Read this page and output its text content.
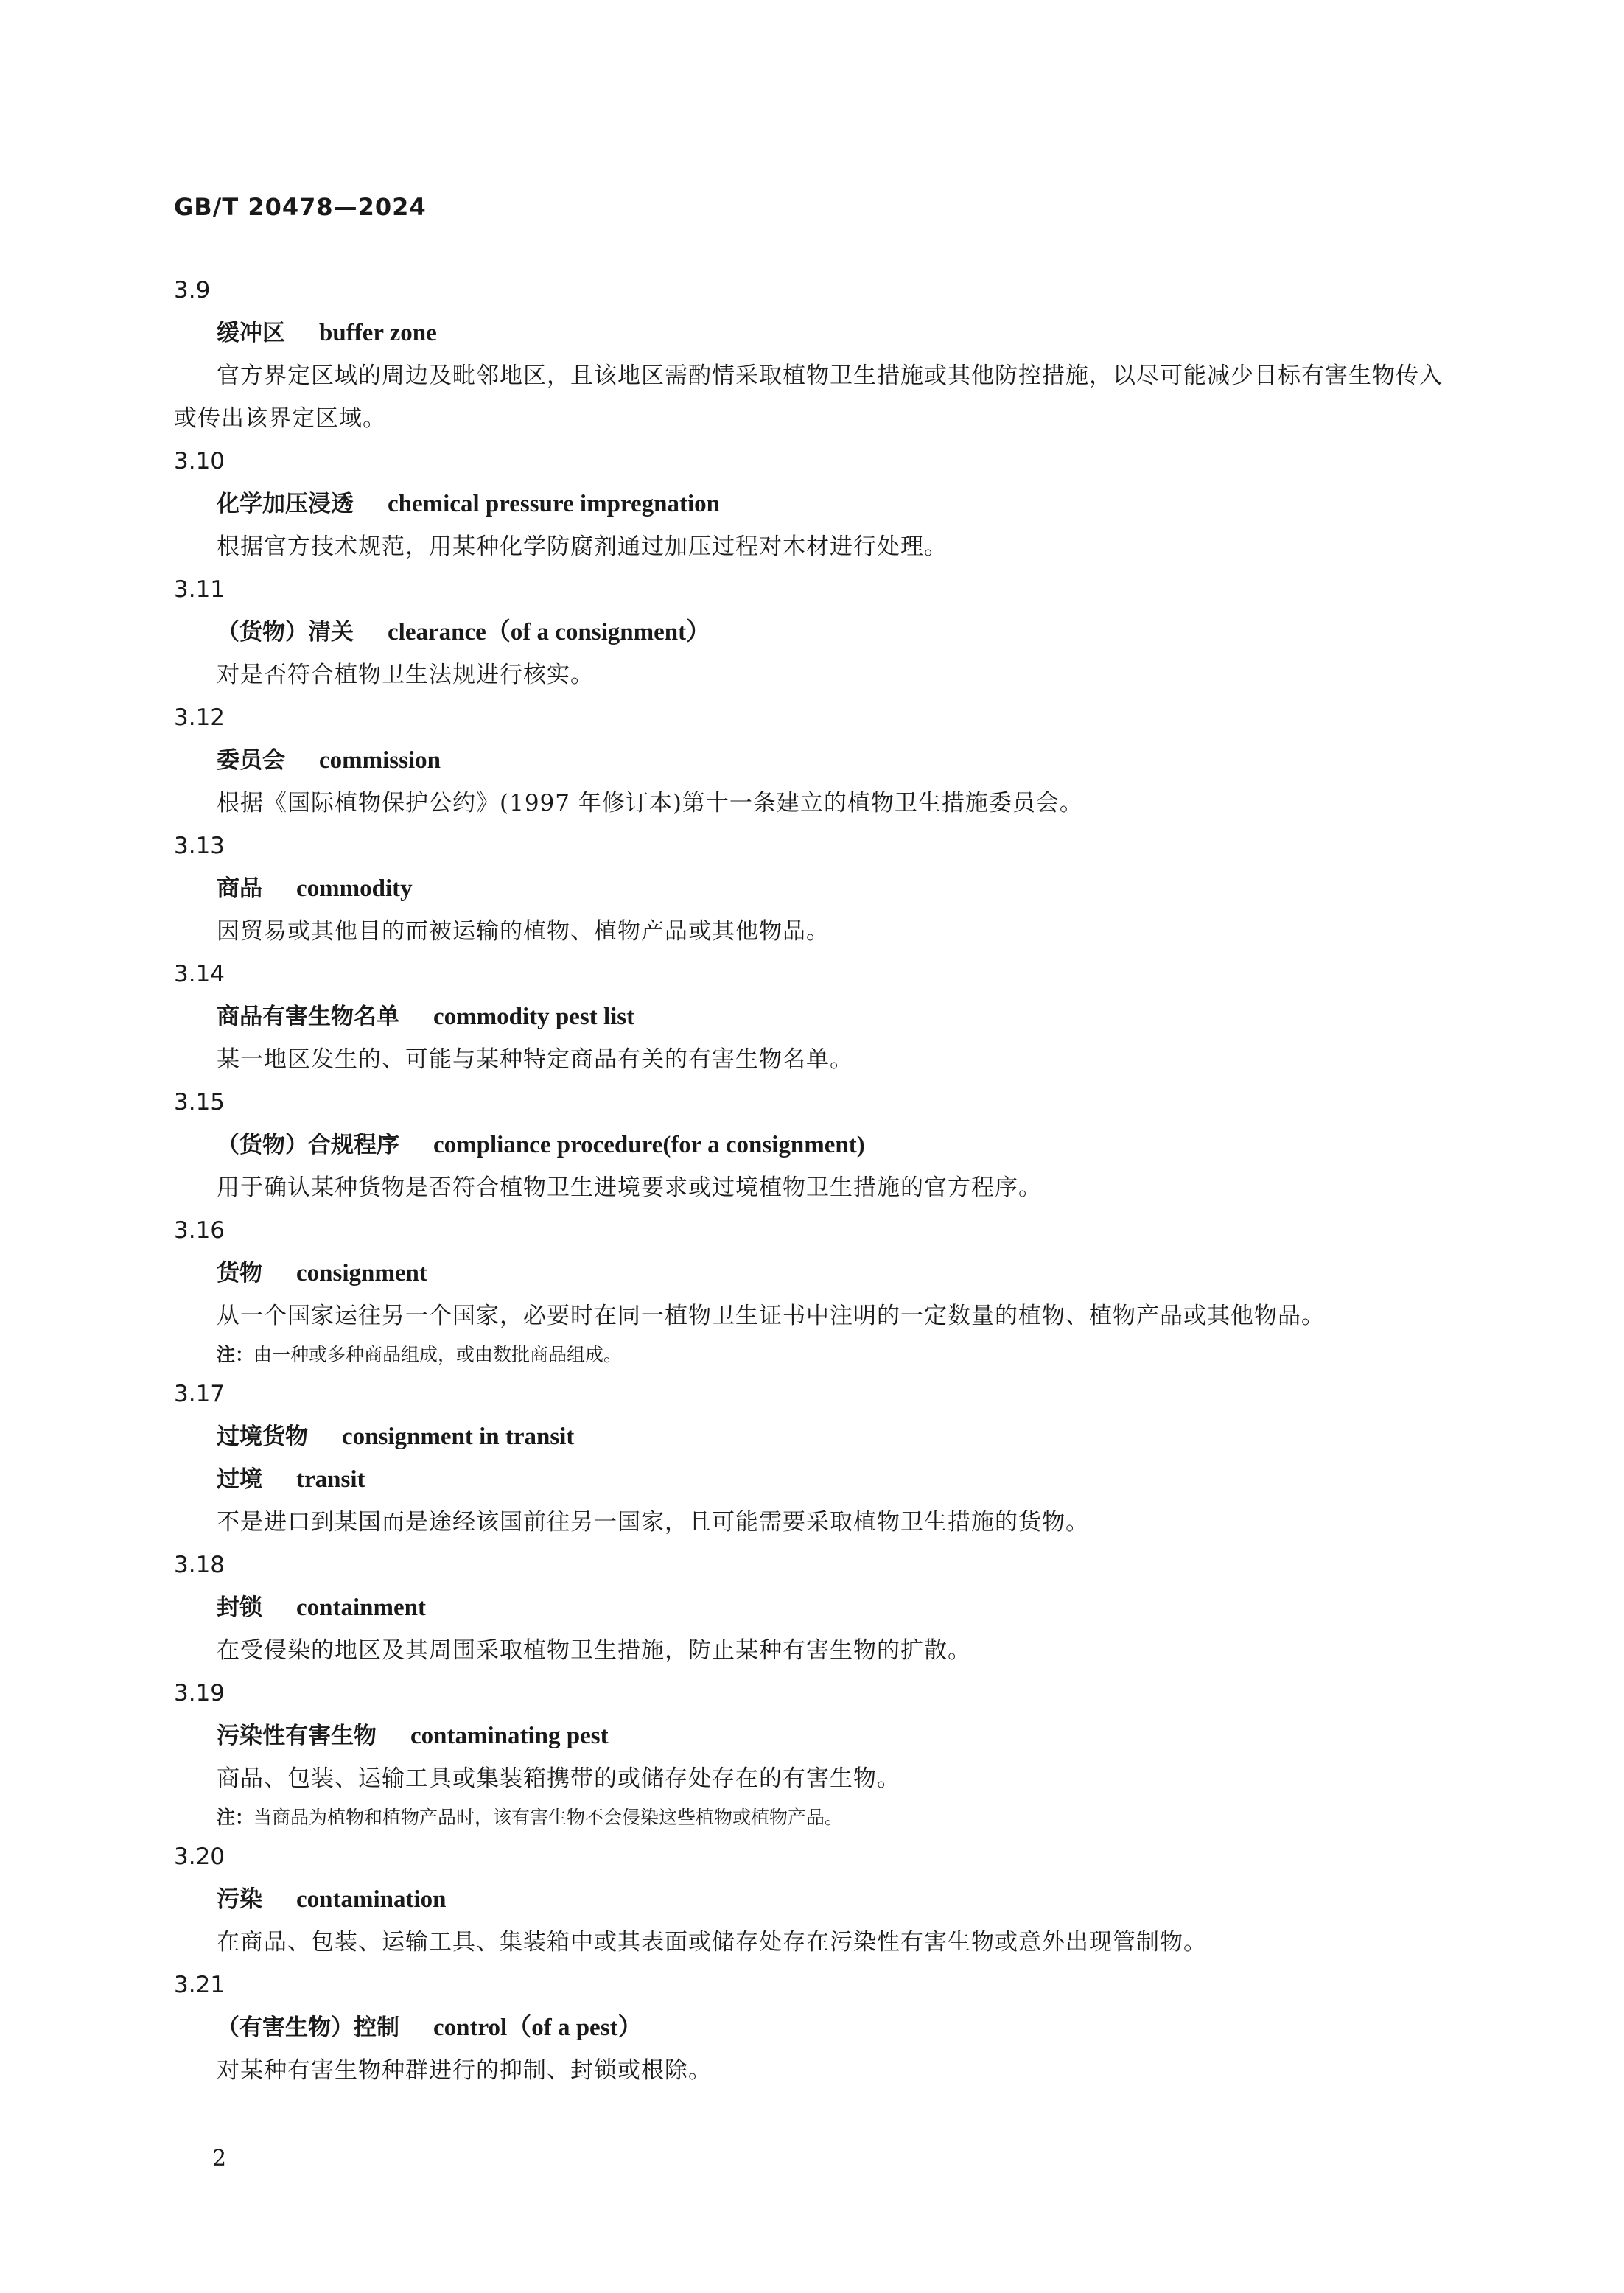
GB/T 20478—2024
3.9
缓冲区 buffer zone
官方界定区域的周边及毗邻地区，且该地区需酌情采取植物卫生措施或其他防控措施，以尽可能减少目标有害生物传入或传出该界定区域。
3.10
化学加压浸透 chemical pressure impregnation
根据官方技术规范，用某种化学防腐剂通过加压过程对木材进行处理。
3.11
（货物）清关 clearance（of a consignment）
对是否符合植物卫生法规进行核实。
3.12
委员会 commission
根据《国际植物保护公约》(1997 年修订本)第十一条建立的植物卫生措施委员会。
3.13
商品 commodity
因贸易或其他目的而被运输的植物、植物产品或其他物品。
3.14
商品有害生物名单 commodity pest list
某一地区发生的、可能与某种特定商品有关的有害生物名单。
3.15
（货物）合规程序 compliance procedure(for a consignment)
用于确认某种货物是否符合植物卫生进境要求或过境植物卫生措施的官方程序。
3.16
货物 consignment
从一个国家运往另一个国家，必要时在同一植物卫生证书中注明的一定数量的植物、植物产品或其他物品。
注：由一种或多种商品组成，或由数批商品组成。
3.17
过境货物 consignment in transit
过境 transit
不是进口到某国而是途经该国前往另一国家，且可能需要采取植物卫生措施的货物。
3.18
封锁 containment
在受侵染的地区及其周围采取植物卫生措施，防止某种有害生物的扩散。
3.19
污染性有害生物 contaminating pest
商品、包装、运输工具或集装箱携带的或储存处存在的有害生物。
注：当商品为植物和植物产品时，该有害生物不会侵染这些植物或植物产品。
3.20
污染 contamination
在商品、包装、运输工具、集装箱中或其表面或储存处存在污染性有害生物或意外出现管制物。
3.21
（有害生物）控制 control（of a pest）
对某种有害生物种群进行的抑制、封锁或根除。
2
